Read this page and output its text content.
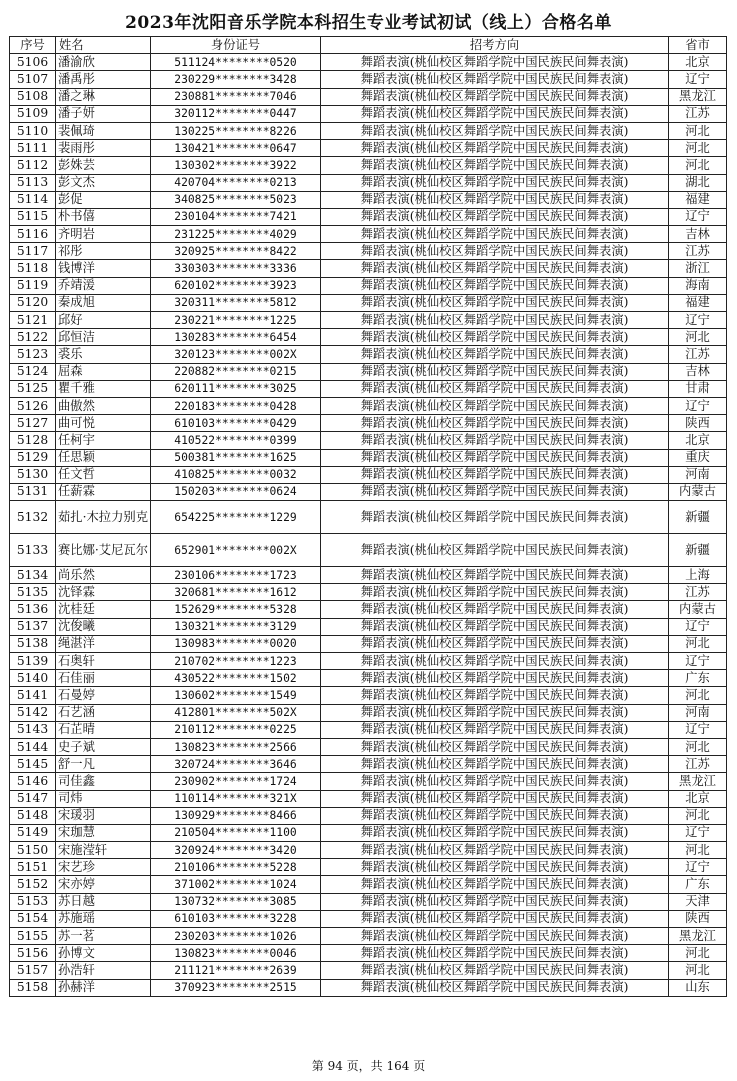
2023年沈阳音乐学院本科招生专业考试初试（线上）合格名单
序号	姓名	身份证号	招考方向	省市
5106	潘渝欣	511124********0520	舞蹈表演(桃仙校区舞蹈学院中国民族民间舞表演)	北京
5107	潘禹彤	230229********3428	舞蹈表演(桃仙校区舞蹈学院中国民族民间舞表演)	辽宁
5108	潘之琳	230881********7046	舞蹈表演(桃仙校区舞蹈学院中国民族民间舞表演)	黑龙江
5109	潘子妍	320112********0447	舞蹈表演(桃仙校区舞蹈学院中国民族民间舞表演)	江苏
5110	裴佩琦	130225********8226	舞蹈表演(桃仙校区舞蹈学院中国民族民间舞表演)	河北
5111	裴雨彤	130421********0647	舞蹈表演(桃仙校区舞蹈学院中国民族民间舞表演)	河北
5112	彭姝芸	130302********3922	舞蹈表演(桃仙校区舞蹈学院中国民族民间舞表演)	河北
5113	彭文杰	420704********0213	舞蹈表演(桃仙校区舞蹈学院中国民族民间舞表演)	湖北
5114	彭促	340825********5023	舞蹈表演(桃仙校区舞蹈学院中国民族民间舞表演)	福建
5115	朴书僖	230104********7421	舞蹈表演(桃仙校区舞蹈学院中国民族民间舞表演)	辽宁
5116	齐明岩	231225********4029	舞蹈表演(桃仙校区舞蹈学院中国民族民间舞表演)	吉林
5117	祁彤	320925********8422	舞蹈表演(桃仙校区舞蹈学院中国民族民间舞表演)	江苏
5118	钱博洋	330303********3336	舞蹈表演(桃仙校区舞蹈学院中国民族民间舞表演)	浙江
5119	乔靖湲	620102********3923	舞蹈表演(桃仙校区舞蹈学院中国民族民间舞表演)	海南
5120	秦成旭	320311********5812	舞蹈表演(桃仙校区舞蹈学院中国民族民间舞表演)	福建
5121	邱好	230221********1225	舞蹈表演(桃仙校区舞蹈学院中国民族民间舞表演)	辽宁
5122	邱恒洁	130283********6454	舞蹈表演(桃仙校区舞蹈学院中国民族民间舞表演)	河北
5123	裘乐	320123********002X	舞蹈表演(桃仙校区舞蹈学院中国民族民间舞表演)	江苏
5124	屈森	220882********0215	舞蹈表演(桃仙校区舞蹈学院中国民族民间舞表演)	吉林
5125	瞿千雅	620111********3025	舞蹈表演(桃仙校区舞蹈学院中国民族民间舞表演)	甘肃
5126	曲傲然	220183********0428	舞蹈表演(桃仙校区舞蹈学院中国民族民间舞表演)	辽宁
5127	曲可悦	610103********0429	舞蹈表演(桃仙校区舞蹈学院中国民族民间舞表演)	陕西
5128	任柯宇	410522********0399	舞蹈表演(桃仙校区舞蹈学院中国民族民间舞表演)	北京
5129	任思颖	500381********1625	舞蹈表演(桃仙校区舞蹈学院中国民族民间舞表演)	重庆
5130	任文哲	410825********0032	舞蹈表演(桃仙校区舞蹈学院中国民族民间舞表演)	河南
5131	任薪霖	150203********0624	舞蹈表演(桃仙校区舞蹈学院中国民族民间舞表演)	内蒙古
5132	茹扎·木拉力别克	654225********1229	舞蹈表演(桃仙校区舞蹈学院中国民族民间舞表演)	新疆
5133	赛比娜·艾尼瓦尔	652901********002X	舞蹈表演(桃仙校区舞蹈学院中国民族民间舞表演)	新疆
5134	尚乐然	230106********1723	舞蹈表演(桃仙校区舞蹈学院中国民族民间舞表演)	上海
5135	沈铎霖	320681********1612	舞蹈表演(桃仙校区舞蹈学院中国民族民间舞表演)	江苏
5136	沈桂廷	152629********5328	舞蹈表演(桃仙校区舞蹈学院中国民族民间舞表演)	内蒙古
5137	沈俊曦	130321********3129	舞蹈表演(桃仙校区舞蹈学院中国民族民间舞表演)	辽宁
5138	绳湛洋	130983********0020	舞蹈表演(桃仙校区舞蹈学院中国民族民间舞表演)	河北
5139	石奥轩	210702********1223	舞蹈表演(桃仙校区舞蹈学院中国民族民间舞表演)	辽宁
5140	石佳丽	430522********1502	舞蹈表演(桃仙校区舞蹈学院中国民族民间舞表演)	广东
5141	石曼婷	130602********1549	舞蹈表演(桃仙校区舞蹈学院中国民族民间舞表演)	河北
5142	石艺涵	412801********502X	舞蹈表演(桃仙校区舞蹈学院中国民族民间舞表演)	河南
5143	石芷晴	210112********0225	舞蹈表演(桃仙校区舞蹈学院中国民族民间舞表演)	辽宁
5144	史子斌	130823********2566	舞蹈表演(桃仙校区舞蹈学院中国民族民间舞表演)	河北
5145	舒一凡	320724********3646	舞蹈表演(桃仙校区舞蹈学院中国民族民间舞表演)	江苏
5146	司佳鑫	230902********1724	舞蹈表演(桃仙校区舞蹈学院中国民族民间舞表演)	黑龙江
5147	司炜	110114********321X	舞蹈表演(桃仙校区舞蹈学院中国民族民间舞表演)	北京
5148	宋瑗羽	130929********8466	舞蹈表演(桃仙校区舞蹈学院中国民族民间舞表演)	河北
5149	宋珈慧	210504********1100	舞蹈表演(桃仙校区舞蹈学院中国民族民间舞表演)	辽宁
5150	宋施滢轩	320924********3420	舞蹈表演(桃仙校区舞蹈学院中国民族民间舞表演)	河北
5151	宋艺珍	210106********5228	舞蹈表演(桃仙校区舞蹈学院中国民族民间舞表演)	辽宁
5152	宋亦婷	371002********1024	舞蹈表演(桃仙校区舞蹈学院中国民族民间舞表演)	广东
5153	苏日越	130732********3085	舞蹈表演(桃仙校区舞蹈学院中国民族民间舞表演)	天津
5154	苏施瑶	610103********3228	舞蹈表演(桃仙校区舞蹈学院中国民族民间舞表演)	陕西
5155	苏一茗	230203********1026	舞蹈表演(桃仙校区舞蹈学院中国民族民间舞表演)	黑龙江
5156	孙博文	130823********0046	舞蹈表演(桃仙校区舞蹈学院中国民族民间舞表演)	河北
5157	孙浩轩	211121********2639	舞蹈表演(桃仙校区舞蹈学院中国民族民间舞表演)	河北
5158	孙赫洋	370923********2515	舞蹈表演(桃仙校区舞蹈学院中国民族民间舞表演)	山东
第 94 页，共 164 页
